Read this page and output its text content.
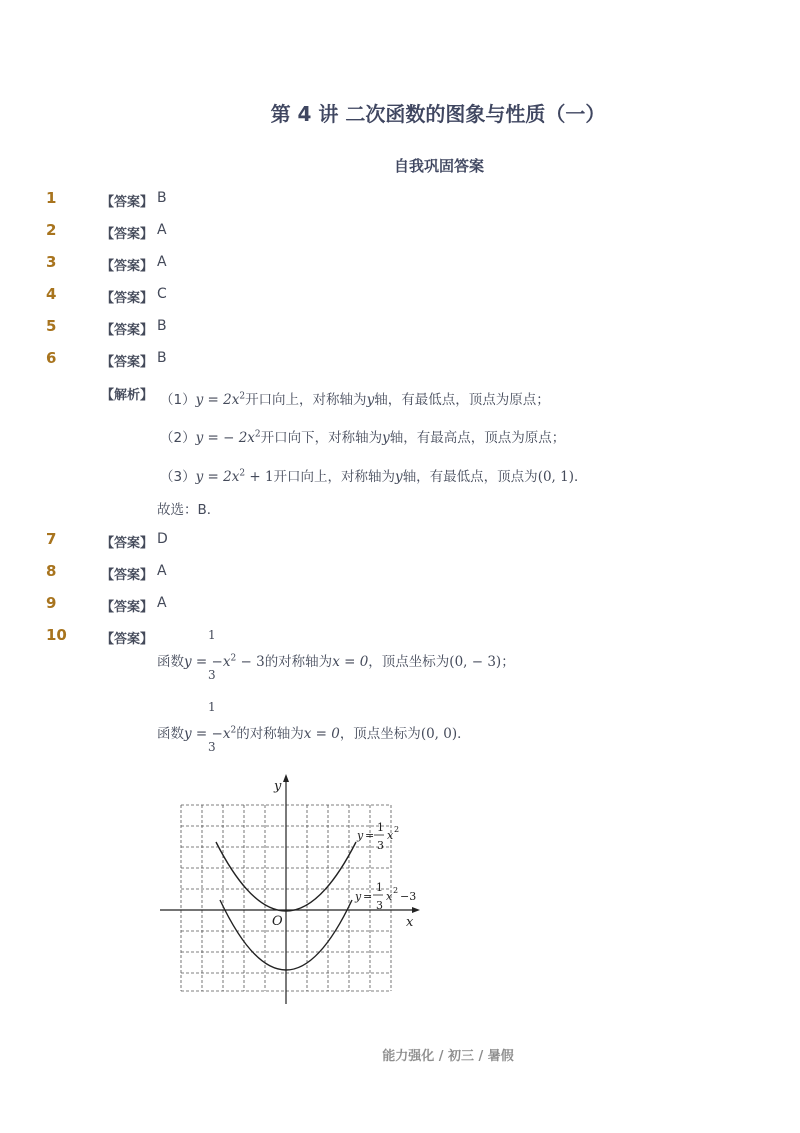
第 4 讲 二次函数的图象与性质（一）
自我巩固答案
1	【答案】 B
2	【答案】 A
3	【答案】 A
4	【答案】 C
5	【答案】 B
6	【答案】 B
【解析】 $(1)y = 2x^2$开口向上，对称轴为y轴，有最低点，顶点为原点；
（2）y = − $2x^2$开口向下，对称轴为y轴，有最高点，顶点为原点；
$(3)y = 2x^2 + 1$开口向上，对称轴为y轴，有最低点，顶点为(0, 1)．
故选：B．
7	【答案】 D
8	【答案】 A
9	【答案】 A
10	【答案】	1
3
函数$y = -x^2 - 3$的对称轴为x = 0，顶点坐标为(0, − 3)；
1
3
函数$y = -x^2$的对称轴为x = 0，顶点坐标为(0, 0)．
y
x
O
y =
1
3
x 2
y =
1
3
x 2 −3
能力强化 / 初三 / 暑假
